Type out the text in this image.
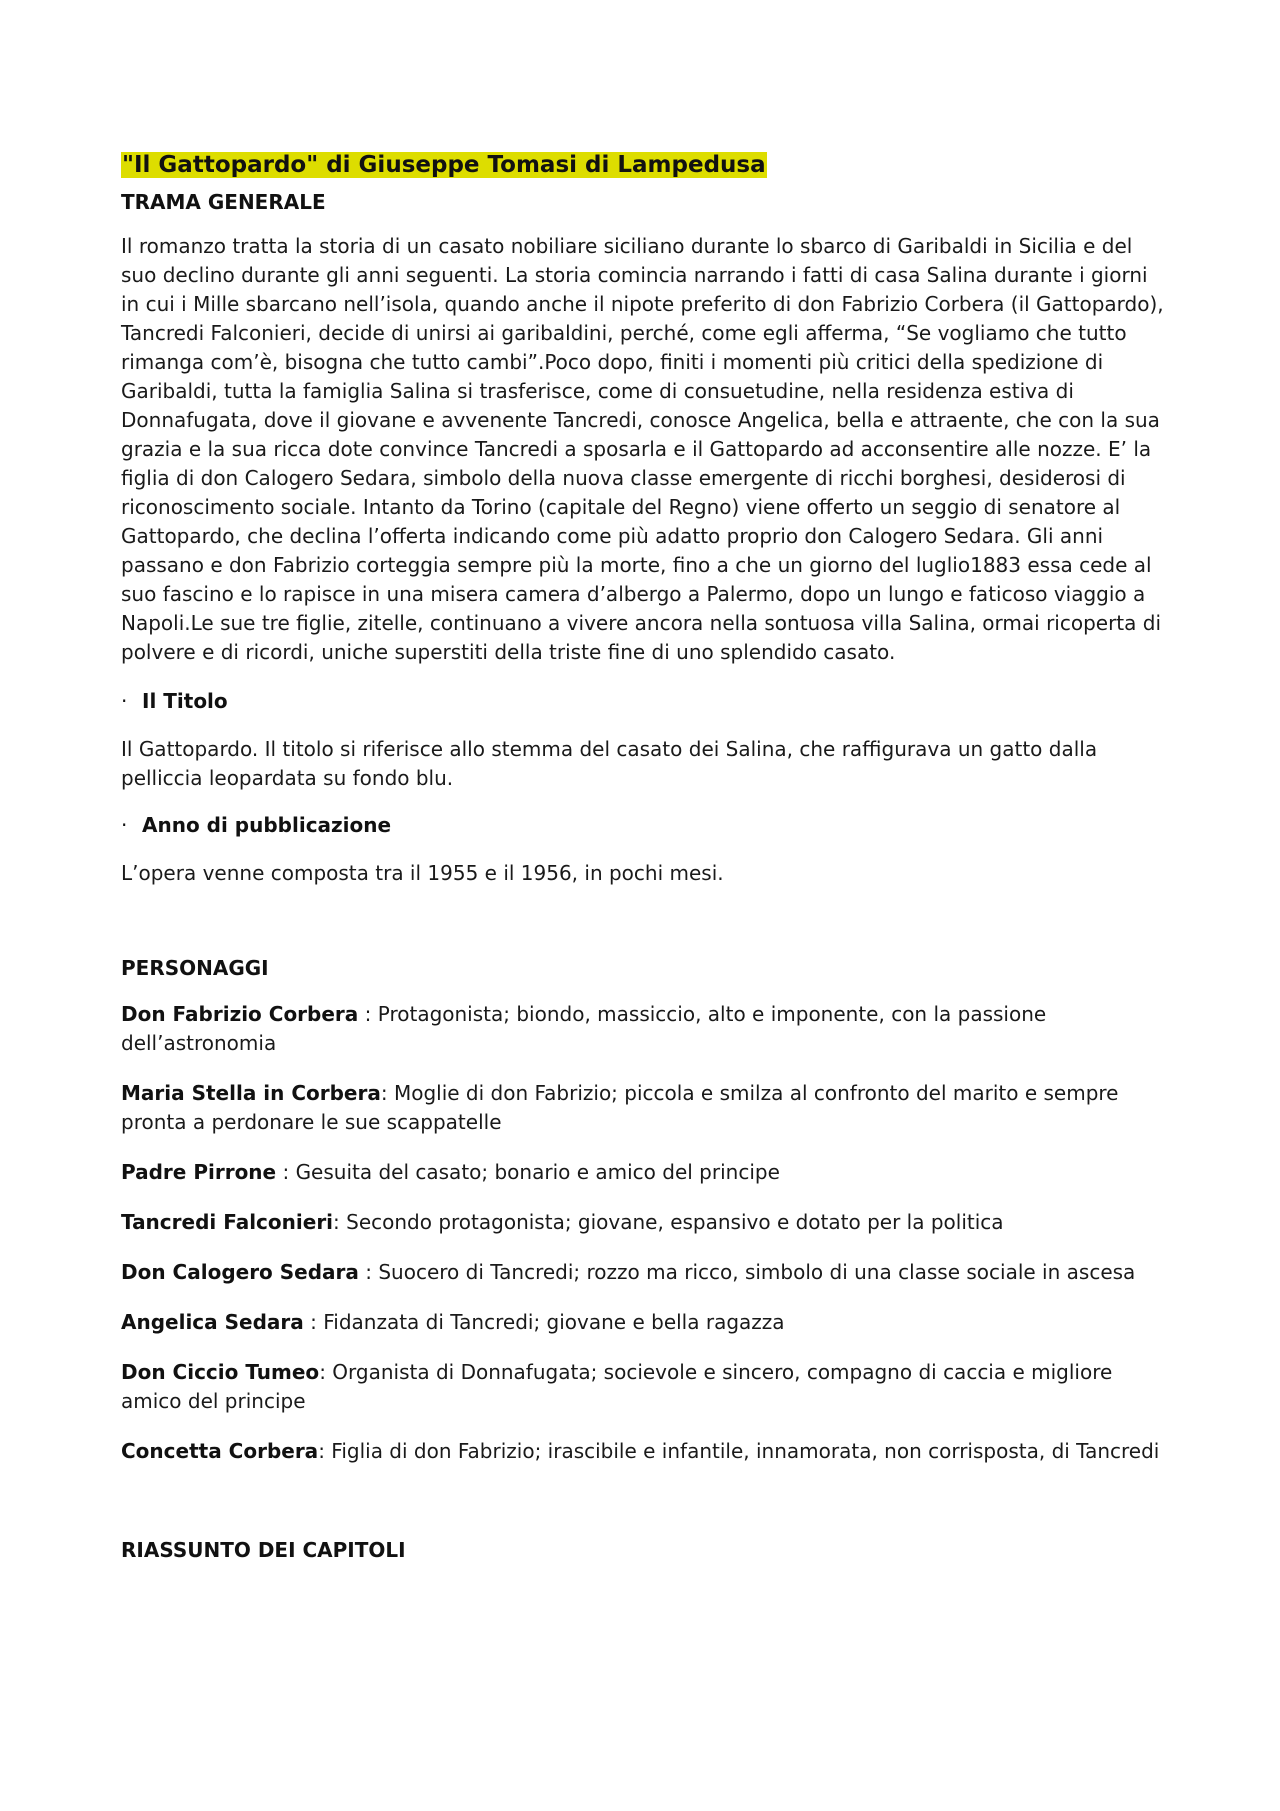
"Il Gattopardo" di Giuseppe Tomasi di Lampedusa
TRAMA GENERALE

Il romanzo tratta la storia di un casato nobiliare siciliano durante lo sbarco di Garibaldi in Sicilia e del suo declino durante gli anni seguenti. La storia comincia narrando i fatti di casa Salina durante i giorni in cui i Mille sbarcano nell’isola, quando anche il nipote preferito di don Fabrizio Corbera (il Gattopardo), Tancredi Falconieri, decide di unirsi ai garibaldini, perché, come egli afferma, “Se vogliamo che tutto rimanga com’è, bisogna che tutto cambi”.Poco dopo, finiti i momenti più critici della spedizione di Garibaldi, tutta la famiglia Salina si trasferisce, come di consuetudine, nella residenza estiva di Donnafugata, dove il giovane e avvenente Tancredi, conosce Angelica, bella e attraente, che con la sua grazia e la sua ricca dote convince Tancredi a sposarla e il Gattopardo ad acconsentire alle nozze. E’ la figlia di don Calogero Sedara, simbolo della nuova classe emergente di ricchi borghesi, desiderosi di riconoscimento sociale. Intanto da Torino (capitale del Regno) viene offerto un seggio di senatore al Gattopardo, che declina l’offerta indicando come più adatto proprio don Calogero Sedara. Gli anni passano e don Fabrizio corteggia sempre più la morte, fino a che un giorno del luglio1883 essa cede al suo fascino e lo rapisce in una misera camera d’albergo a Palermo, dopo un lungo e faticoso viaggio a Napoli.Le sue tre figlie, zitelle, continuano a vivere ancora nella sontuosa villa Salina, ormai ricoperta di polvere e di ricordi, uniche superstiti della triste fine di uno splendido casato.

· Il Titolo

Il Gattopardo. Il titolo si riferisce allo stemma del casato dei Salina, che raffigurava un gatto dalla pelliccia leopardata su fondo blu.

· Anno di pubblicazione

L’opera venne composta tra il 1955 e il 1956, in pochi mesi.

PERSONAGGI

Don Fabrizio Corbera : Protagonista; biondo, massiccio, alto e imponente, con la passione dell’astronomia

Maria Stella in Corbera: Moglie di don Fabrizio; piccola e smilza al confronto del marito e sempre pronta a perdonare le sue scappatelle

Padre Pirrone : Gesuita del casato; bonario e amico del principe

Tancredi Falconieri: Secondo protagonista; giovane, espansivo e dotato per la politica

Don Calogero Sedara : Suocero di Tancredi; rozzo ma ricco, simbolo di una classe sociale in ascesa

Angelica Sedara : Fidanzata di Tancredi; giovane e bella ragazza

Don Ciccio Tumeo: Organista di Donnafugata; socievole e sincero, compagno di caccia e migliore amico del principe

Concetta Corbera: Figlia di don Fabrizio; irascibile e infantile, innamorata, non corrisposta, di Tancredi

RIASSUNTO DEI CAPITOLI
